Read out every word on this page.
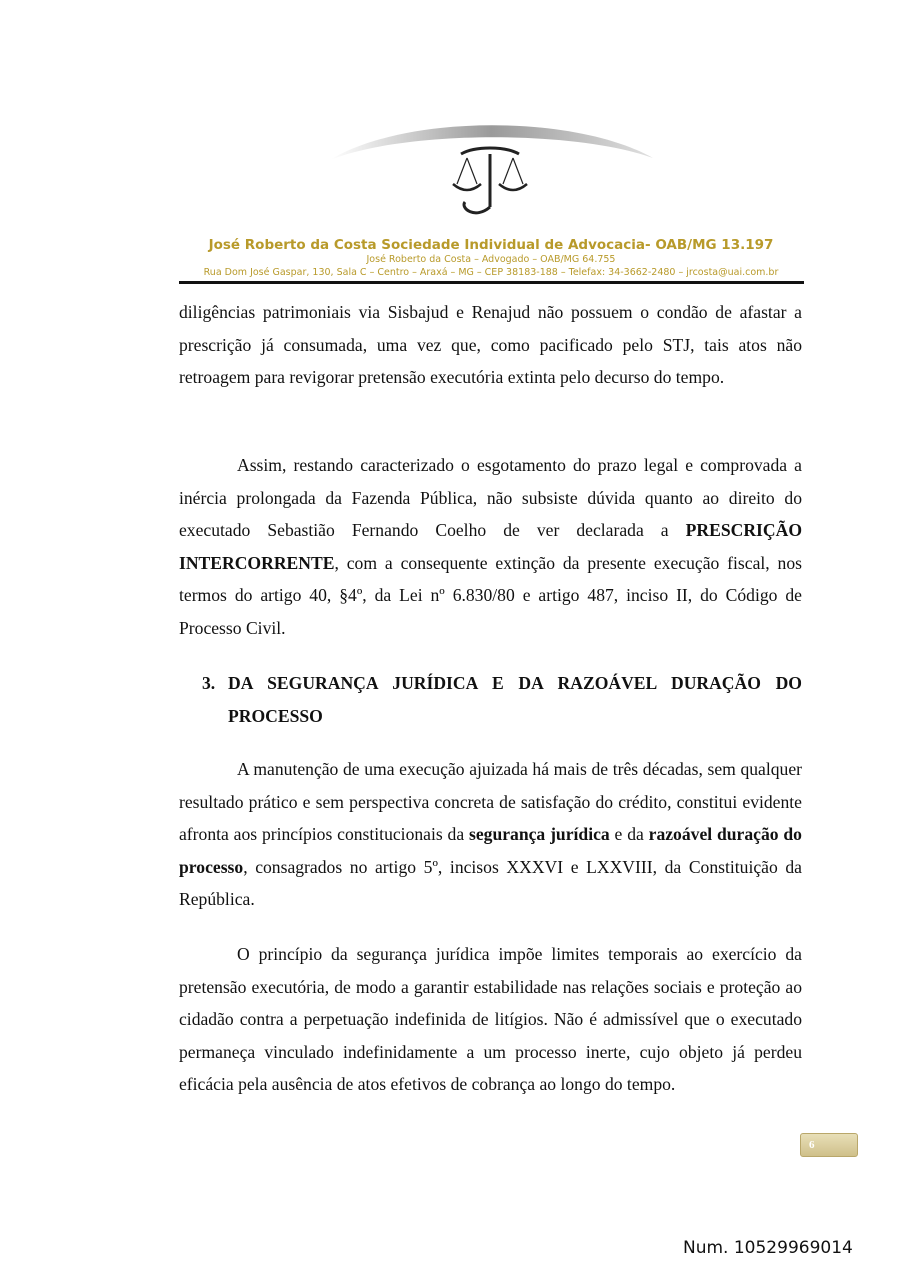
José Roberto da Costa Sociedade Individual de Advocacia- OAB/MG 13.197
José Roberto da Costa – Advogado – OAB/MG 64.755
Rua Dom José Gaspar, 130, Sala C – Centro – Araxá – MG – CEP 38183-188 – Telefax: 34-3662-2480 – jrcosta@uai.com.br

diligências patrimoniais via Sisbajud e Renajud não possuem o condão de afastar a prescrição já consumada, uma vez que, como pacificado pelo STJ, tais atos não retroagem para revigorar pretensão executória extinta pelo decurso do tempo.

Assim, restando caracterizado o esgotamento do prazo legal e comprovada a inércia prolongada da Fazenda Pública, não subsiste dúvida quanto ao direito do executado Sebastião Fernando Coelho de ver declarada a PRESCRIÇÃO INTERCORRENTE, com a consequente extinção da presente execução fiscal, nos termos do artigo 40, §4º, da Lei nº 6.830/80 e artigo 487, inciso II, do Código de Processo Civil.

3. DA SEGURANÇA JURÍDICA E DA RAZOÁVEL DURAÇÃO DO PROCESSO

A manutenção de uma execução ajuizada há mais de três décadas, sem qualquer resultado prático e sem perspectiva concreta de satisfação do crédito, constitui evidente afronta aos princípios constitucionais da segurança jurídica e da razoável duração do processo, consagrados no artigo 5º, incisos XXXVI e LXXVIII, da Constituição da República.

O princípio da segurança jurídica impõe limites temporais ao exercício da pretensão executória, de modo a garantir estabilidade nas relações sociais e proteção ao cidadão contra a perpetuação indefinida de litígios. Não é admissível que o executado permaneça vinculado indefinidamente a um processo inerte, cujo objeto já perdeu eficácia pela ausência de atos efetivos de cobrança ao longo do tempo.

6
Num. 10529969014
